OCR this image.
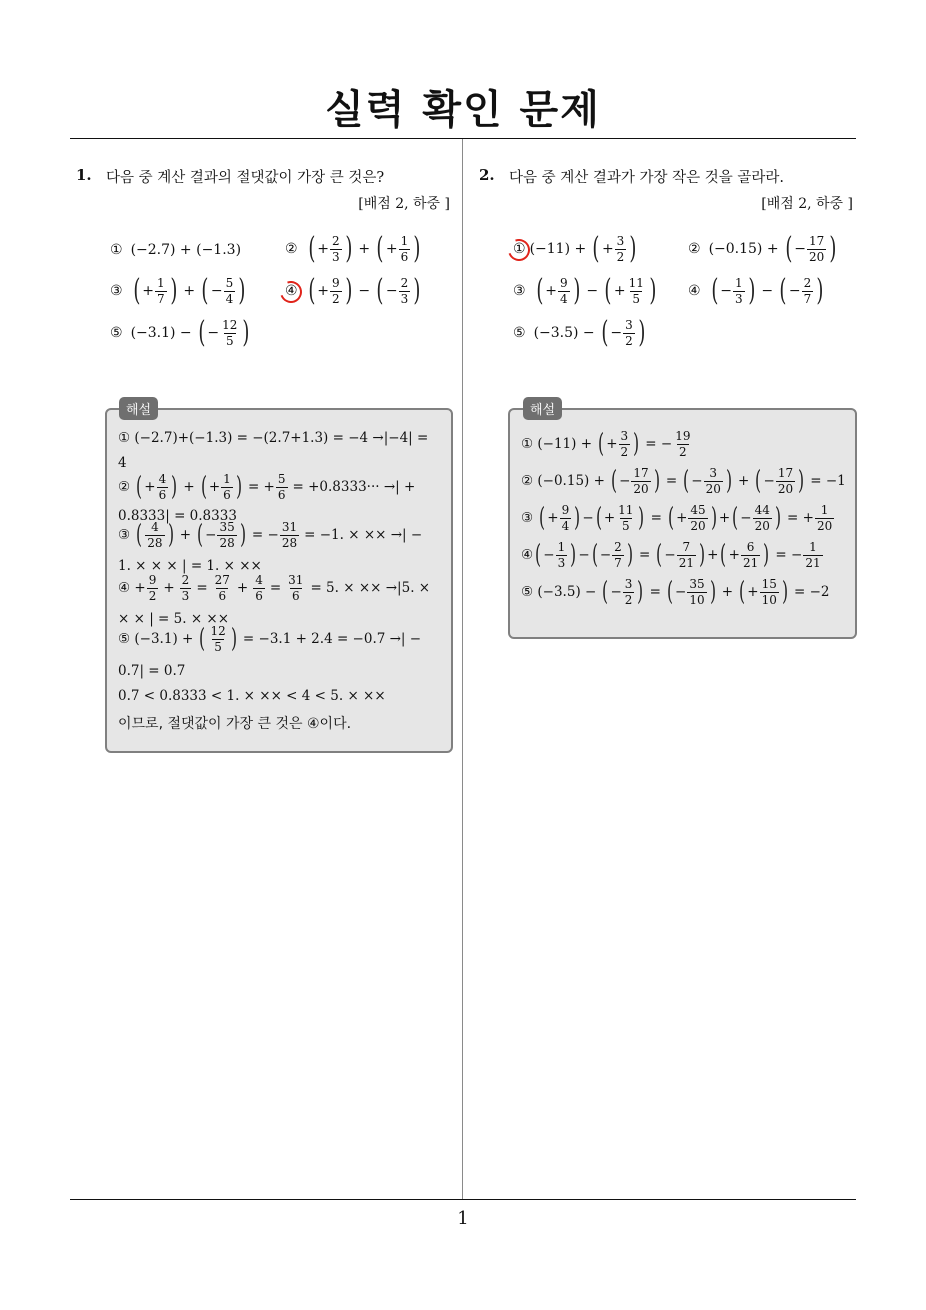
실력 확인 문제
1. 다음 중 계산 결과의 절댓값이 가장 큰 것은?
[배점 2, 하중 ]
① (−2.7) + (−1.3)	② ( + $\frac{2}{3}$ ) + ( + $\frac{1}{6}$ )
③ ( + $\frac{1}{7}$ ) + ( − $\frac{5}{4}$ )	④ ( + $\frac{9}{2}$ ) − ( − $\frac{2}{3}$ )
⑤ (−3.1) − ( − $\frac{12}{5}$ )
해설
① (−2.7)+(−1.3) = −(2.7+1.3) = −4 →|−4| =
4
② ( + $\frac{4}{6}$ ) + ( + $\frac{1}{6}$ ) = + $\frac{5}{6} = +0.8333\cdot\cdot\cdot$ →| +
0.8333| = 0.8333
③ ( $\frac{4}{28}$ ) + ( − $\frac{35}{28}$ ) = − $\frac{31}{28} = -1$. × ×× →| −
1. × × × | = 1. × ××
④ + $\frac{9}{2} + \frac{2}{3} = \frac{27}{6} + \frac{4}{6} = \frac{31}{6} = 5$. × ×× →|5. ×
× × | = 5. × ××
⑤ (−3.1) + ( $\frac{12}{5}$ ) = −3.1 + 2.4 = −0.7 →| −
0.7| = 0.7
0.7 < 0.8333 < 1. × ×× < 4 < 5. × ××
이므로, 절댓값이 가장 큰 것은 ④이다.
2. 다음 중 계산 결과가 가장 작은 것을 골라라.
[배점 2, 하중 ]
① (−11) + ( + $\frac{3}{2}$ )	② (−0.15) + ( − $\frac{17}{20}$ )
③ ( + $\frac{9}{4}$ ) − ( + $\frac{11}{5}$ ) ④ ( − $\frac{1}{3}$ ) − ( − $\frac{2}{7}$ )
⑤ (−3.5) − ( − $\frac{3}{2}$ )
해설
① (−11) + ( + $\frac{3}{2}$ ) = − $\frac{19}{2}$
② (−0.15) + ( − $\frac{17}{20}$ ) = ( − $\frac{3}{20}$ ) + ( − $\frac{17}{20}$ ) = −1
③ ( + $\frac{9}{4}$ ) − ( + $\frac{11}{5}$ ) = ( + $\frac{45}{20}$ ) + ( − $\frac{44}{20}$ ) = + $\frac{1}{20}$
④ ( − $\frac{1}{3}$ ) − ( − $\frac{2}{7}$ ) = ( − $\frac{7}{21}$ ) + ( + $\frac{6}{21}$ ) = − $\frac{1}{21}$
⑤ (−3.5) − ( − $\frac{3}{2}$ ) = ( − $\frac{35}{10}$ ) + ( + $\frac{15}{10}$ ) = −2
1
